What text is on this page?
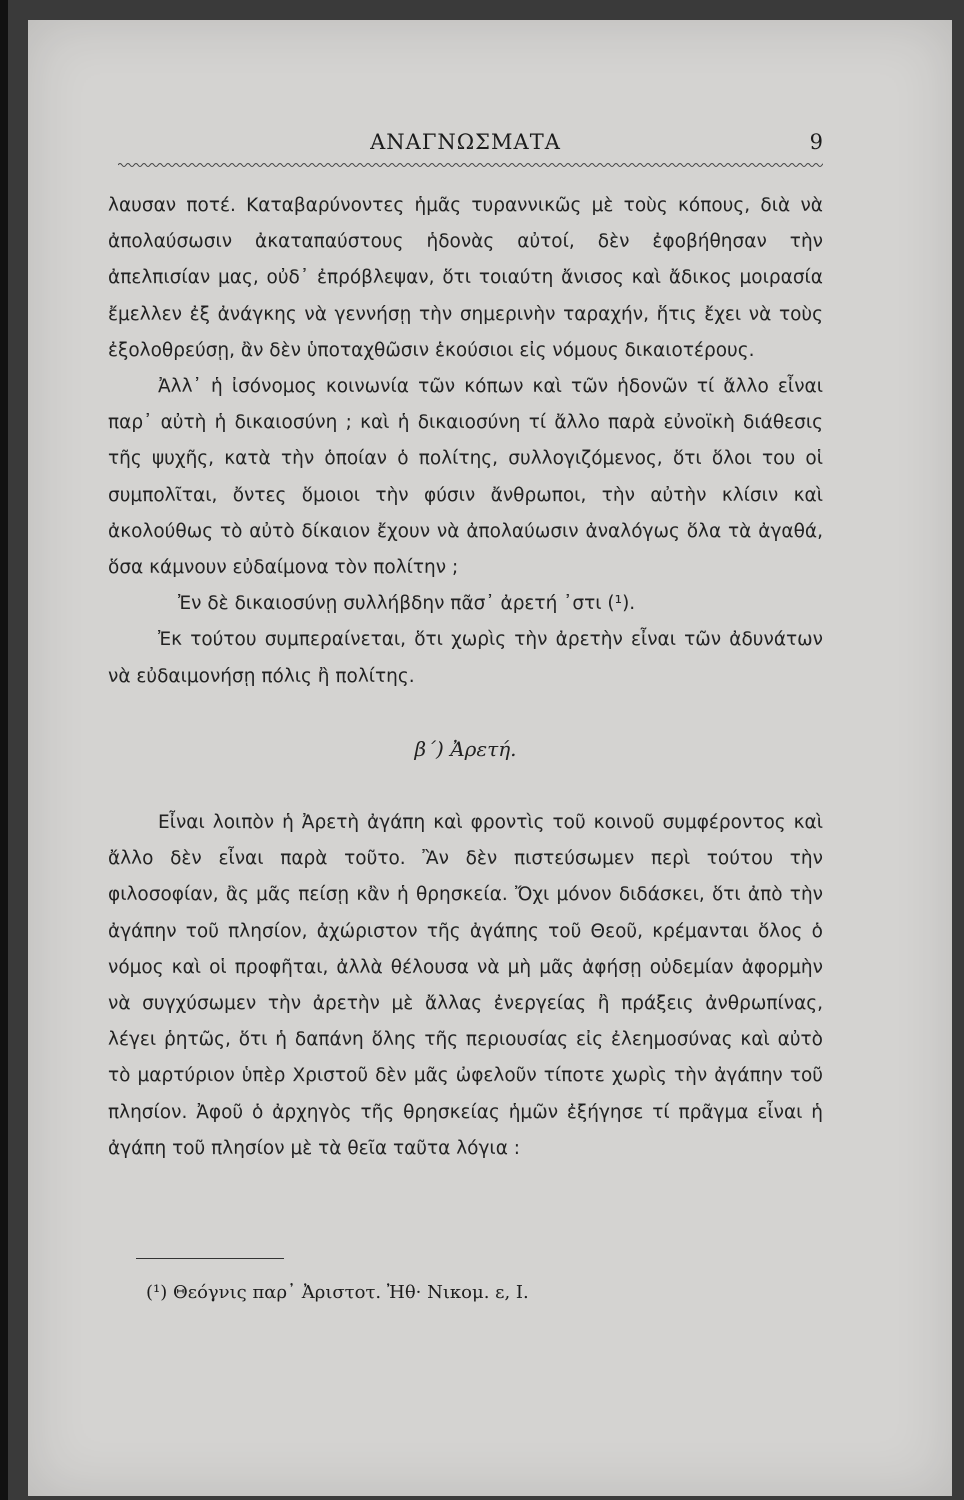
ΑΝΑΓΝΩΣΜΑΤΑ	9

λαυσαν ποτέ. Καταβαρύνοντες ἡμᾶς τυραννικῶς μὲ τοὺς κόπους, διὰ νὰ ἀπολαύσωσιν ἀκαταπαύστους ἡδονὰς αὐτοί, δὲν ἐφοβήθησαν τὴν ἀπελπισίαν μας, οὐδ᾽ ἐπρόβλεψαν, ὅτι τοιαύτη ἄνισος καὶ ἄδικος μοιρασία ἔμελλεν ἐξ ἀνάγκης νὰ γεννήσῃ τὴν σημερινὴν ταραχήν, ἥτις ἔχει νὰ τοὺς ἐξολοθρεύσῃ, ἂν δὲν ὑποταχθῶσιν ἑκούσιοι εἰς νόμους δικαιοτέρους.

Ἀλλ᾽ ἡ ἰσόνομος κοινωνία τῶν κόπων καὶ τῶν ἡδονῶν τί ἄλλο εἶναι παρ᾽ αὐτὴ ἡ δικαιοσύνη ; καὶ ἡ δικαιοσύνη τί ἄλλο παρὰ εὐνοϊκὴ διάθεσις τῆς ψυχῆς, κατὰ τὴν ὁποίαν ὁ πολίτης, συλλογιζόμενος, ὅτι ὅλοι του οἱ συμπολῖται, ὄντες ὅμοιοι τὴν φύσιν ἄνθρωποι, τὴν αὐτὴν κλίσιν καὶ ἀκολούθως τὸ αὐτὸ δίκαιον ἔχουν νὰ ἀπολαύωσιν ἀναλόγως ὅλα τὰ ἀγαθά, ὅσα κάμνουν εὐδαίμονα τὸν πολίτην ;

Ἐν δὲ δικαιοσύνῃ συλλήβδην πᾶσ᾽ ἀρετή ᾽στι (¹).

Ἐκ τούτου συμπεραίνεται, ὅτι χωρὶς τὴν ἀρετὴν εἶναι τῶν ἀδυνάτων νὰ εὐδαιμονήσῃ πόλις ἢ πολίτης.

β΄) Ἀρετή.

Εἶναι λοιπὸν ἡ Ἀρετὴ ἀγάπη καὶ φροντὶς τοῦ κοινοῦ συμφέροντος καὶ ἄλλο δὲν εἶναι παρὰ τοῦτο. Ἂν δὲν πιστεύσωμεν περὶ τούτου τὴν φιλοσοφίαν, ἂς μᾶς πείσῃ κἂν ἡ θρησκεία. Ὄχι μόνον διδάσκει, ὅτι ἀπὸ τὴν ἀγάπην τοῦ πλησίον, ἀχώριστον τῆς ἀγάπης τοῦ Θεοῦ, κρέμανται ὅλος ὁ νόμος καὶ οἱ προφῆται, ἀλλὰ θέλουσα νὰ μὴ μᾶς ἀφήσῃ οὐδεμίαν ἀφορμὴν νὰ συγχύσωμεν τὴν ἀρετὴν μὲ ἄλλας ἐνεργείας ἢ πράξεις ἀνθρωπίνας, λέγει ῥητῶς, ὅτι ἡ δαπάνη ὅλης τῆς περιουσίας εἰς ἐλεημοσύνας καὶ αὐτὸ τὸ μαρτύριον ὑπὲρ Χριστοῦ δὲν μᾶς ὠφελοῦν τίποτε χωρὶς τὴν ἀγάπην τοῦ πλησίον. Ἀφοῦ ὁ ἀρχηγὸς τῆς θρησκείας ἡμῶν ἐξήγησε τί πρᾶγμα εἶναι ἡ ἀγάπη τοῦ πλησίον μὲ τὰ θεῖα ταῦτα λόγια :

(¹) Θεόγνις παρ᾽ Ἀριστοτ. Ἠθ· Νικομ. ε, Ι.
